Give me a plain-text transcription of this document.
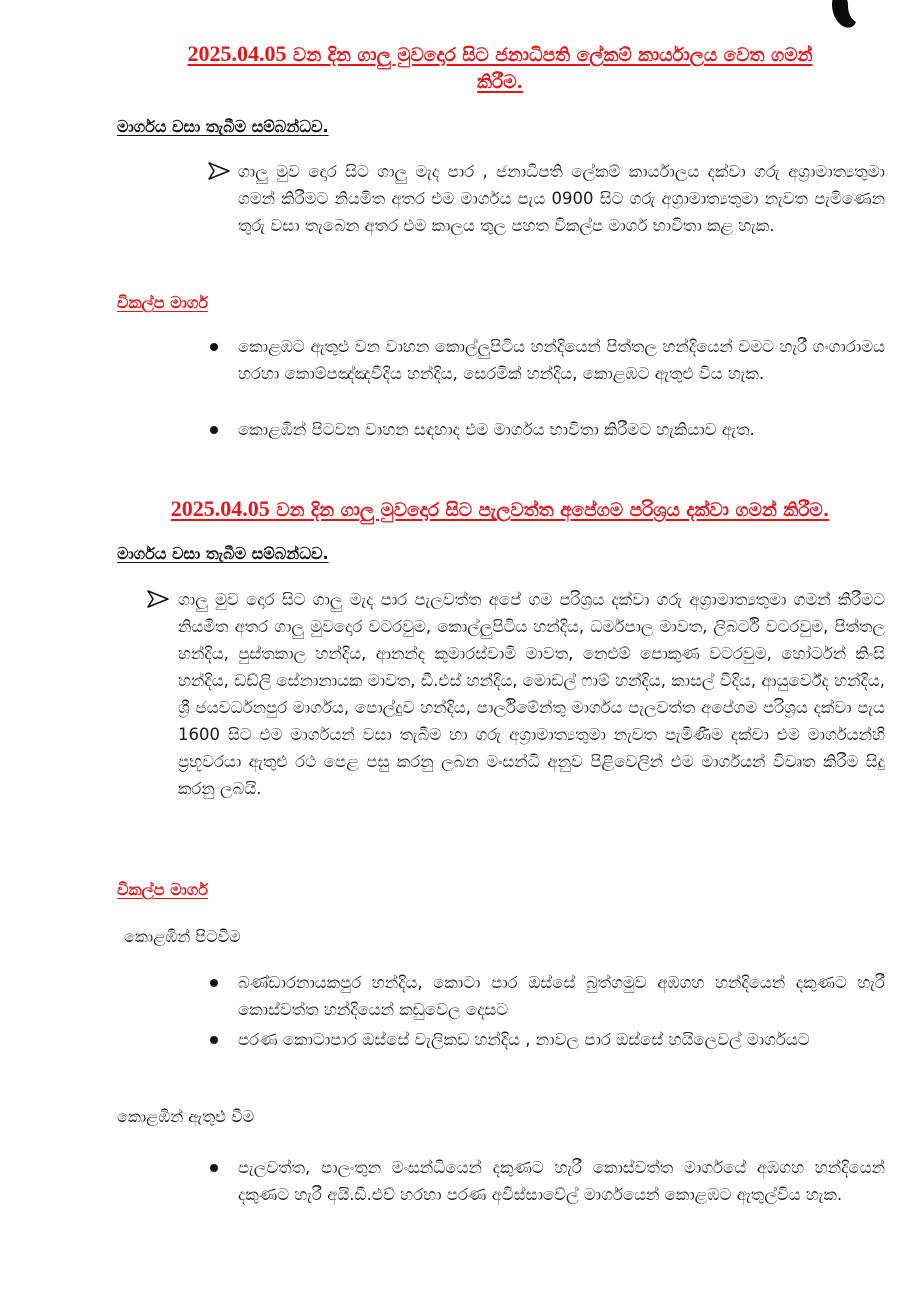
2025.04.05 වන දින ගාලු මුවදොර සිට ජනාධිපති ලේකම් කාර්යාලය වෙත ගමන්
කිරීම.
මාර්ගය වසා තැබීම සම්බන්ධව.

ගාලු මුව දොර සිට ගාලු මැද පාර , ජනාධිපති ලේකම් කාර්යාලය දක්වා ගරු අග්‍රාමාත්‍යතුමා ගමන් කිරීමට නියමිත අතර එම මාර්ගය පැය 0900 සිට ගරු අග්‍රාමාත්‍යතුමා නැවත පැමිණෙන තුරු වසා තැබෙන අතර එම කාලය තුල පහත විකල්ප මාර්ග භාවිතා කළ හැක.

විකල්ප මාර්ග

කොළඹට ඇතුළු වන වාහන කොල්ලුපිටිය හන්දියෙන් පිත්තල හන්දියෙන් වමට හැරී ගංගාරාමය හරහා කොම්පඤ්ඤවීදිය හන්දිය, සෙරමික් හන්දිය, කොළඹට ඇතුළු විය හැක.

කොළඹින් පිටවන වාහන සඳහාද එම මාර්ගය භාවිතා කිරීමට හැකියාව ඇත.

2025.04.05 වන දින ගාලු මුවදොර සිට පැලවත්ත අපේගම පරිශ්‍රය දක්වා ගමන් කිරීම.
මාර්ගය වසා තැබීම සම්බන්ධව.

ගාලු මුව දොර සිට ගාලු මැද පාර පැලවත්ත අපේ ගම පරිශ්‍රය දක්වා ගරු අග්‍රාමාත්‍යතුමා ගමන් කිරීමට නියමිත අතර ගාලු මුවදොර වටරවුම, කොල්ලුපිටිය හන්දිය, ධර්මපාල මාවත, ලිබර්ටි වටරවුම, පිත්තල හන්දිය, පුස්තකාල හන්දිය, ආනන්ද කුමාරස්වාමි මාවත, නෙළුම් පොකුණ වටරවුම, හෝර්ටන් කිංසි හන්දිය, ඩඩ්ලි සේනානායක මාවත, ඩී.එස් හන්දිය, මොඩල් ෆාම් හන්දිය, කාසල් වීදිය, ආයුර්වේද හන්දිය, ශ්‍රී ජයවර්ධනපුර මාර්ගය, පොල්දුව හන්දිය, පාර්ලිමේන්තු මාර්ගය පැලවත්ත අපේගම පරිශ්‍රය දක්වා පැය 1600 සිට එම මාර්ගයන් වසා තැබීම හා ගරු අග්‍රාමාත්‍යතුමා නැවත පැමිණීම දක්වා එම මාර්ගයන්හි ප්‍රභූවරයා ඇතුළු රථ පෙළ පසු කරනු ලබන මංසන්ධි අනුව පිළිවෙලින් එම මාර්ගයන් විවෘත කිරීම සිදු කරනු ලබයි.

විකල්ප මාර්ග

කොළඹින් පිටවීම

බණ්ඩාරනායකපුර හන්දිය, කොටා පාර ඔස්සේ බුත්ගමුව අඹගහ හන්දියෙන් දකුණට හැරී කොස්වත්ත හන්දියෙන් කඩුවෙල දෙසට

පරණ කොටාපාර ඔස්සේ වැලිකඩ හන්දිය , නාවල පාර ඔස්සේ හයිලෙවල් මාර්ගයට

කොළඹින් ඇතුළු වීම

පැලවත්ත, පාලංතුන මංසන්ධියෙන් දකුණට හැරී කොස්වත්ත මාර්ගයේ අඹගහ හන්දියෙන් දකුණට හැරී අයි.ඩී.එච් හරහා පරණ අවිස්සාවේල් මාර්ගයෙන් කොළඹට ඇතුල්විය හැක.
